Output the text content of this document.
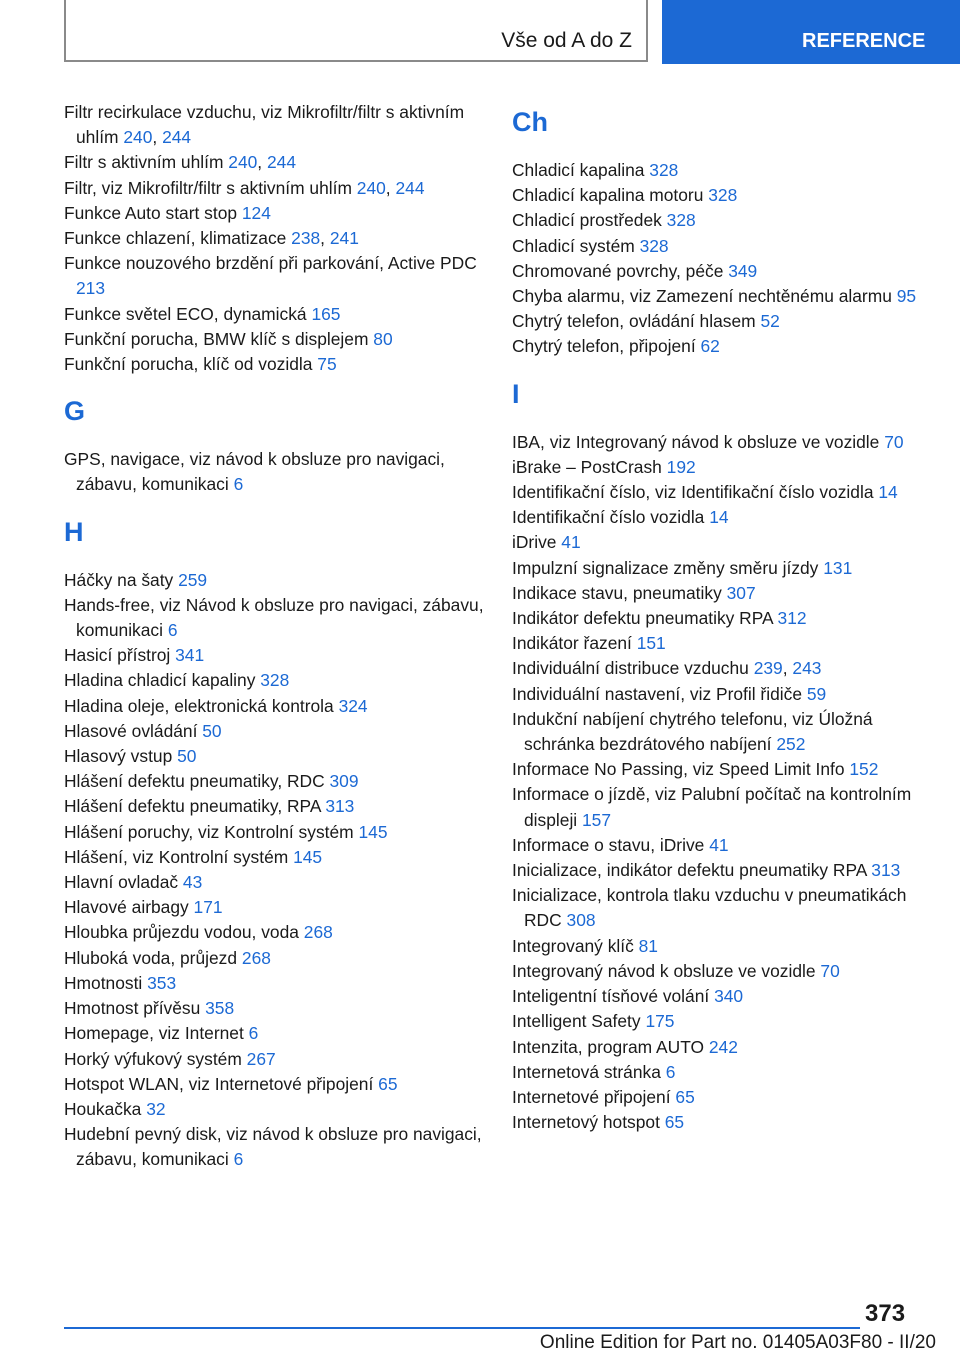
Vše od A do Z	REFERENCE
Filtr recirkulace vzduchu, viz Mikrofiltr/filtr s aktivním uhlím 240, 244
Filtr s aktivním uhlím 240, 244
Filtr, viz Mikrofiltr/filtr s aktivním uhlím 240, 244
Funkce Auto start stop 124
Funkce chlazení, klimatizace 238, 241
Funkce nouzového brzdění při parkování, Active PDC 213
Funkce světel ECO, dynamická 165
Funkční porucha, BMW klíč s displejem 80
Funkční porucha, klíč od vozidla 75
G
GPS, navigace, viz návod k obsluze pro navigaci, zábavu, komunikaci 6
H
Háčky na šaty 259
Hands-free, viz Návod k obsluze pro navigaci, zábavu, komunikaci 6
Hasicí přístroj 341
Hladina chladicí kapaliny 328
Hladina oleje, elektronická kontrola 324
Hlasové ovládání 50
Hlasový vstup 50
Hlášení defektu pneumatiky, RDC 309
Hlášení defektu pneumatiky, RPA 313
Hlášení poruchy, viz Kontrolní systém 145
Hlášení, viz Kontrolní systém 145
Hlavní ovladač 43
Hlavové airbagy 171
Hloubka průjezdu vodou, voda 268
Hluboká voda, průjezd 268
Hmotnosti 353
Hmotnost přívěsu 358
Homepage, viz Internet 6
Horký výfukový systém 267
Hotspot WLAN, viz Internetové připojení 65
Houkačka 32
Hudební pevný disk, viz návod k obsluze pro navigaci, zábavu, komunikaci 6
Ch
Chladicí kapalina 328
Chladicí kapalina motoru 328
Chladicí prostředek 328
Chladicí systém 328
Chromované povrchy, péče 349
Chyba alarmu, viz Zamezení nechtěnému alarmu 95
Chytrý telefon, ovládání hlasem 52
Chytrý telefon, připojení 62
I
IBA, viz Integrovaný návod k obsluze ve vozidle 70
iBrake – PostCrash 192
Identifikační číslo, viz Identifikační číslo vozidla 14
Identifikační číslo vozidla 14
iDrive 41
Impulzní signalizace změny směru jízdy 131
Indikace stavu, pneumatiky 307
Indikátor defektu pneumatiky RPA 312
Indikátor řazení 151
Individuální distribuce vzduchu 239, 243
Individuální nastavení, viz Profil řidiče 59
Indukční nabíjení chytrého telefonu, viz Úložná schránka bezdrátového nabíjení 252
Informace No Passing, viz Speed Limit Info 152
Informace o jízdě, viz Palubní počítač na kontrolním displeji 157
Informace o stavu, iDrive 41
Inicializace, indikátor defektu pneumatiky RPA 313
Inicializace, kontrola tlaku vzduchu v pneumatikách RDC 308
Integrovaný klíč 81
Integrovaný návod k obsluze ve vozidle 70
Inteligentní tísňové volání 340
Intelligent Safety 175
Intenzita, program AUTO 242
Internetová stránka 6
Internetové připojení 65
Internetový hotspot 65
373
Online Edition for Part no. 01405A03F80 - II/20
